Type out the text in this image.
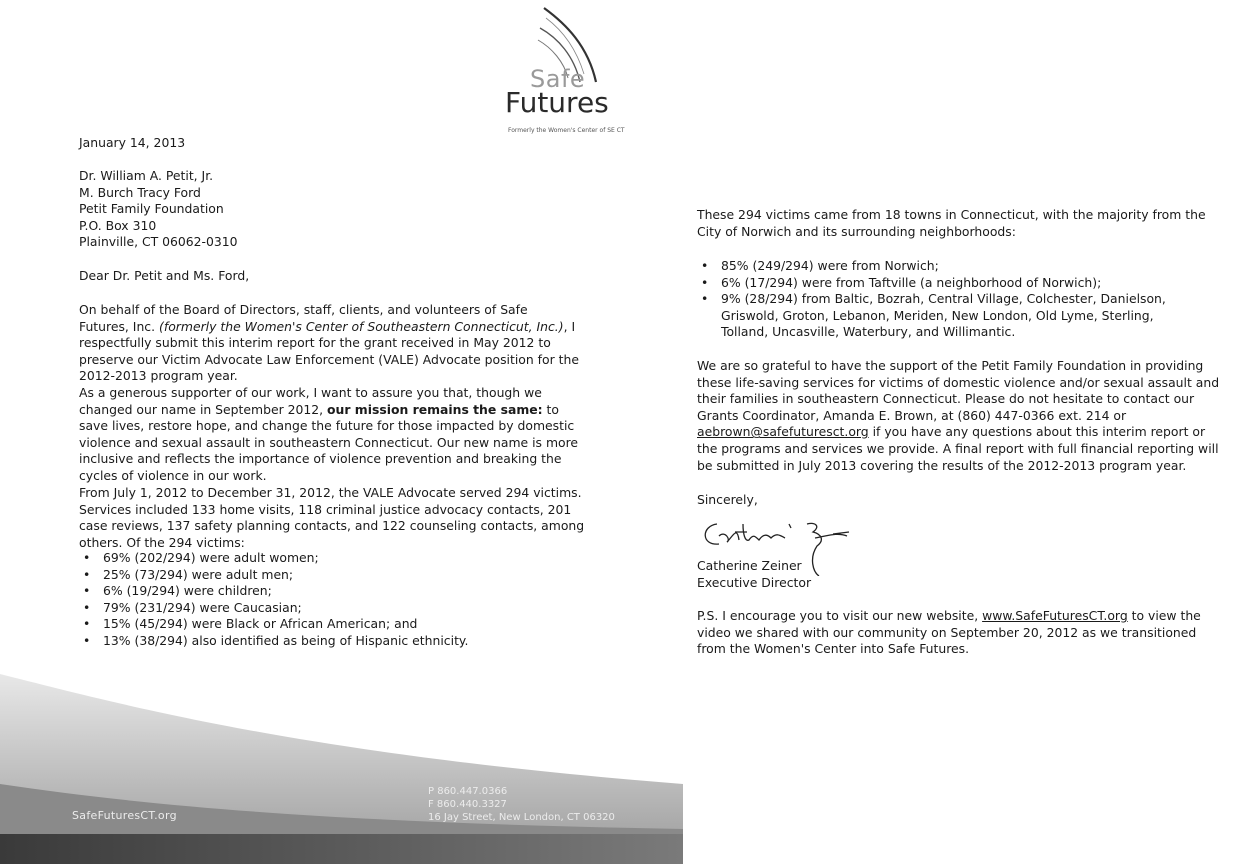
Safe
Futures
Formerly the Women's Center of SE CT
January 14, 2013
Dr. William A. Petit, Jr.
M. Burch Tracy Ford
Petit Family Foundation
P.O. Box 310
Plainville, CT 06062-0310
Dear Dr. Petit and Ms. Ford,

On behalf of the Board of Directors, staff, clients, and volunteers of Safe Futures, Inc. (formerly the Women's Center of Southeastern Connecticut, Inc.), I respectfully submit this interim report for the grant received in May 2012 to preserve our Victim Advocate Law Enforcement (VALE) Advocate position for the 2012-2013 program year.

As a generous supporter of our work, I want to assure you that, though we changed our name in September 2012, our mission remains the same: to save lives, restore hope, and change the future for those impacted by domestic violence and sexual assault in southeastern Connecticut. Our new name is more inclusive and reflects the importance of violence prevention and breaking the cycles of violence in our work.

From July 1, 2012 to December 31, 2012, the VALE Advocate served 294 victims. Services included 133 home visits, 118 criminal justice advocacy contacts, 201 case reviews, 137 safety planning contacts, and 122 counseling contacts, among others. Of the 294 victims:

• 69% (202/294) were adult women;
• 25% (73/294) were adult men;
• 6% (19/294) were children;
• 79% (231/294) were Caucasian;
• 15% (45/294) were Black or African American; and
• 13% (38/294) also identified as being of Hispanic ethnicity.
SafeFuturesCT.org
P 860.447.0366
F 860.440.3327
16 Jay Street, New London, CT 06320

These 294 victims came from 18 towns in Connecticut, with the majority from the City of Norwich and its surrounding neighborhoods:

• 85% (249/294) were from Norwich;
• 6% (17/294) were from Taftville (a neighborhood of Norwich);
• 9% (28/294) from Baltic, Bozrah, Central Village, Colchester, Danielson, Griswold, Groton, Lebanon, Meriden, New London, Old Lyme, Sterling, Tolland, Uncasville, Waterbury, and Willimantic.

We are so grateful to have the support of the Petit Family Foundation in providing these life-saving services for victims of domestic violence and/or sexual assault and their families in southeastern Connecticut. Please do not hesitate to contact our Grants Coordinator, Amanda E. Brown, at (860) 447-0366 ext. 214 or aebrown@safefuturesct.org if you have any questions about this interim report or the programs and services we provide. A final report with full financial reporting will be submitted in July 2013 covering the results of the 2012-2013 program year.

Sincerely,
Catherine Zeiner
Executive Director

P.S. I encourage you to visit our new website, www.SafeFuturesCT.org to view the video we shared with our community on September 20, 2012 as we transitioned from the Women's Center into Safe Futures.
